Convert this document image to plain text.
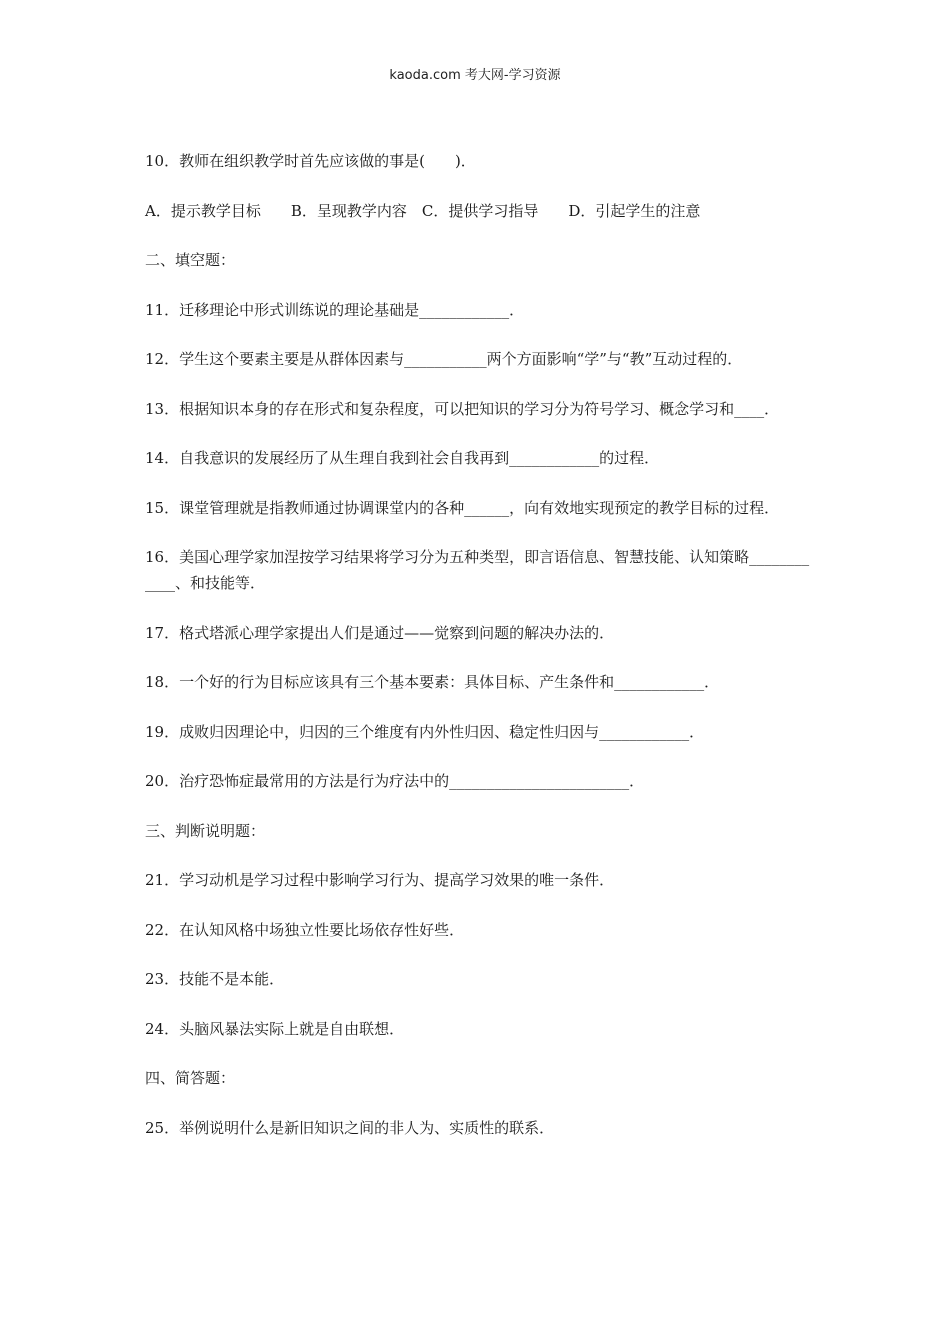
kaoda.com 考大网-学习资源

10．教师在组织教学时首先应该做的事是(　　)．

A．提示教学目标　　B．呈现教学内容　C．提供学习指导　　D．引起学生的注意

二、填空题：

11．迁移理论中形式训练说的理论基础是____________．

12．学生这个要素主要是从群体因素与___________两个方面影响“学”与“教”互动过程的．

13．根据知识本身的存在形式和复杂程度，可以把知识的学习分为符号学习、概念学习和____．

14．自我意识的发展经历了从生理自我到社会自我再到____________的过程．

15．课堂管理就是指教师通过协调课堂内的各种______，向有效地实现预定的教学目标的过程．

16．美国心理学家加涅按学习结果将学习分为五种类型，即言语信息、智慧技能、认知策略____________、和技能等．

17．格式塔派心理学家提出人们是通过——觉察到问题的解决办法的．

18．一个好的行为目标应该具有三个基本要素：具体目标、产生条件和____________．

19．成败归因理论中，归因的三个维度有内外性归因、稳定性归因与____________．

20．治疗恐怖症最常用的方法是行为疗法中的________________________．

三、判断说明题：

21．学习动机是学习过程中影响学习行为、提高学习效果的唯一条件．

22．在认知风格中场独立性要比场依存性好些．

23．技能不是本能．

24．头脑风暴法实际上就是自由联想．

四、简答题：

25．举例说明什么是新旧知识之间的非人为、实质性的联系．
